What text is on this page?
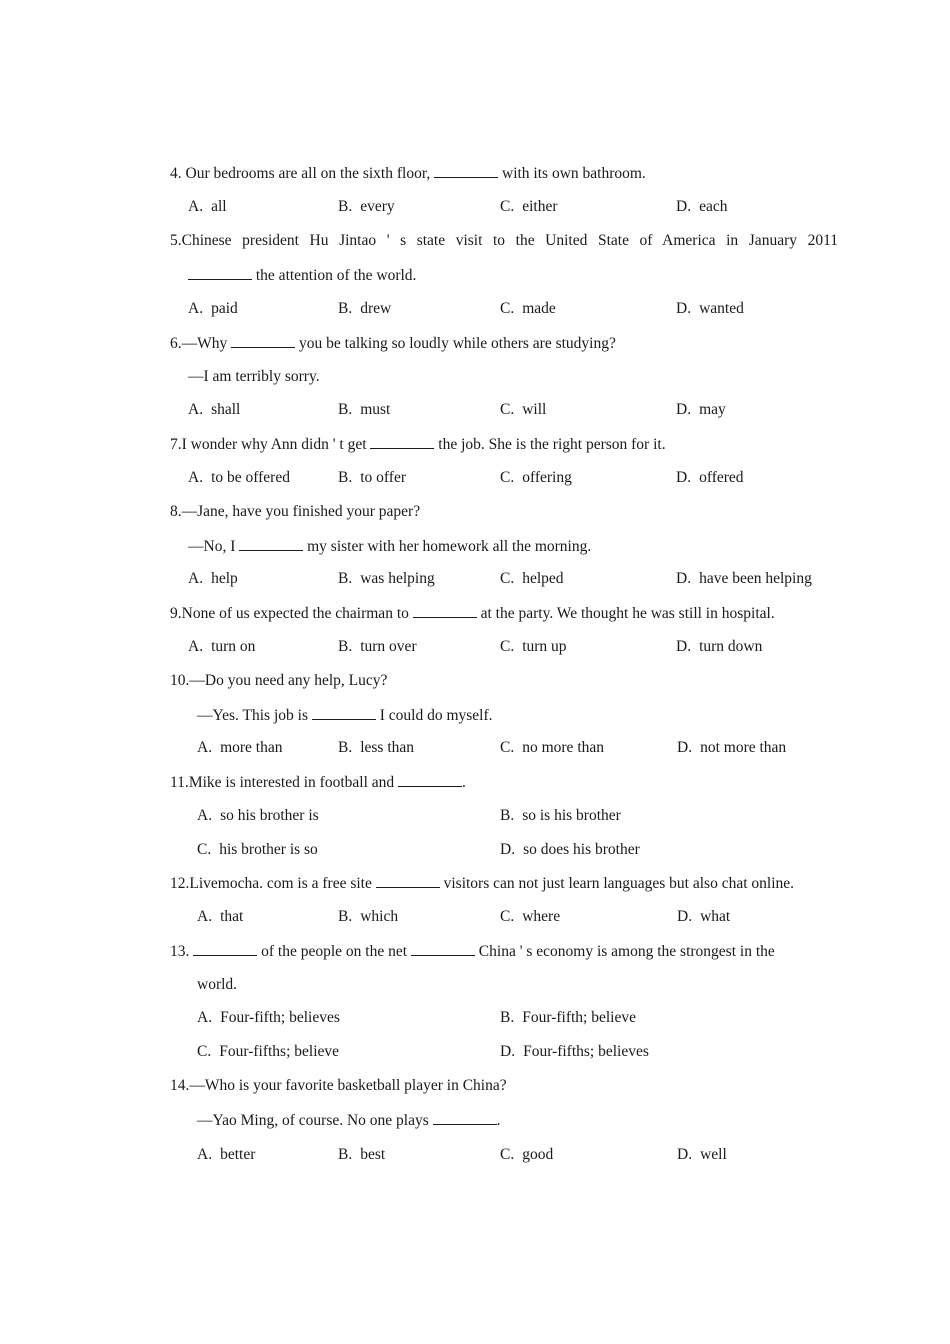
4. Our bedrooms are all on the sixth floor,	with its own bathroom.
A. all	B. every	C. either	D. each
5.Chinese president Hu Jintao ' s state visit to the United State of America in January 2011
the attention of the world.
A. paid	B. drew	C. made	D. wanted
6.—Why	you be talking so loudly while others are studying?
—I am terribly sorry.
A. shall	B. must	C. will	D. may
7.I wonder why Ann didn ' t get	the job. She is the right person for it.
A. to be offered	B. to offer	C. offering	D. offered
8.—Jane, have you finished your paper?
—No, I	my sister with her homework all the morning.
A. help	B. was helping	C. helped	D. have been helping
9.None of us expected the chairman to	at the party. We thought he was still in hospital.
A. turn on	B. turn over	C. turn up	D. turn down
10.—Do you need any help, Lucy?
—Yes. This job is	I could do myself.
A. more than	B. less than	C. no more than	D. not more than
11.Mike is interested in football and	.
A. so his brother is	B. so is his brother
C. his brother is so	D. so does his brother
12.Livemocha. com is a free site	visitors can not just learn languages but also chat online.
A. that	B. which	C. where	D. what
13.	of the people on the net	China ' s economy is among the strongest in the
world.
A. Four-fifth; believes	B. Four-fifth; believe
C. Four-fifths; believe	D. Four-fifths; believes
14.—Who is your favorite basketball player in China?
—Yao Ming, of course. No one plays	.
A. better	B. best	C. good	D. well
